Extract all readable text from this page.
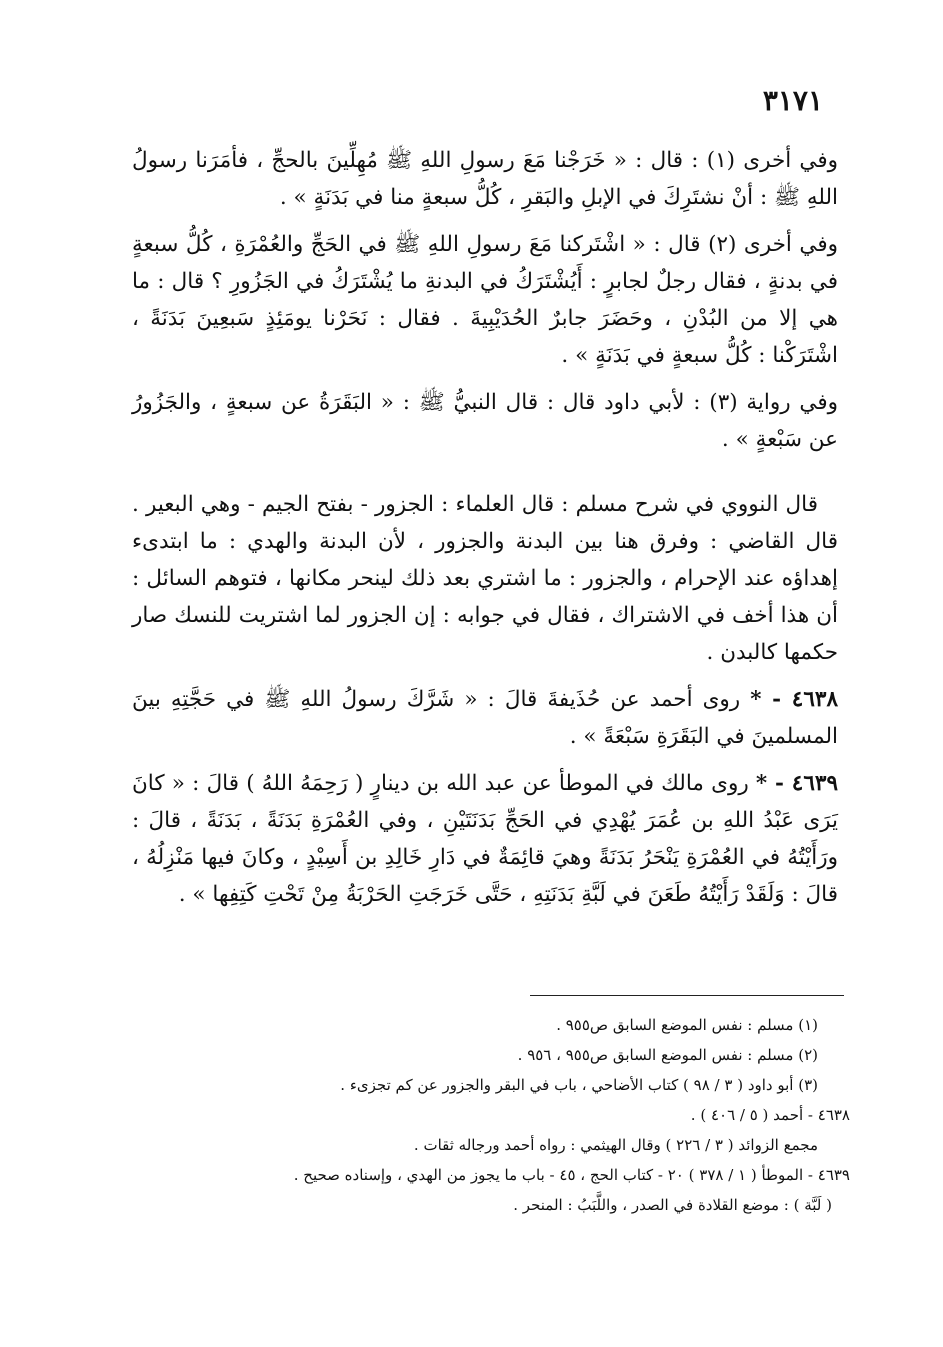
٣١٧١

وفي أخرى (١) : قال : « خَرَجْنا مَعَ رسولِ اللهِ ﷺ مُهِلِّينَ بالحجِّ ، فأمَرَنا رسولُ اللهِ ﷺ : أنْ نشتَرِكَ في الإبلِ والبَقرِ ، كُلُّ سبعةٍ منا في بَدَنَةٍ » .

وفي أخرى (٢) قال : « اشْتَركنا مَعَ رسولِ اللهِ ﷺ في الحَجِّ والعُمْرَةِ ، كُلُّ سبعةٍ في بدنةٍ ، فقال رجلٌ لجابرٍ : أَيُشْتَرَكُ في البدنةِ ما يُشْتَرَكُ في الجَزُورِ ؟ قال : ما هي إلا من البُدْنِ ، وحَضَرَ جابرٌ الحُدَيْبِيةَ . فقال : نَحَرْنا يومَئِذٍ سَبعِينَ بَدَنَةً ، اشْتَرَكْنا : كُلُّ سبعةٍ في بَدَنَةٍ » .

وفي رواية (٣) : لأبي داود قال : قال النبيُّ ﷺ : « البَقَرَةُ عن سبعةٍ ، والجَزُورُ عن سَبْعةٍ » .

قال النووي في شرح مسلم : قال العلماء : الجزور - بفتح الجيم - وهي البعير . قال القاضي : وفرق هنا بين البدنة والجزور ، لأن البدنة والهدي : ما ابتدىء إهداؤه عند الإحرام ، والجزور : ما اشتري بعد ذلك لينحر مكانها ، فتوهم السائل : أن هذا أخف في الاشتراك ، فقال في جوابه : إن الجزور لما اشتريت للنسك صار حكمها كالبدن .

٤٦٣٨ - * روى أحمد عن حُذَيفةَ قالَ : « شَرَّكَ رسولُ اللهِ ﷺ في حَجَّتِهِ بينَ المسلمينَ في البَقَرَةِ سَبْعَةً » .

٤٦٣٩ - * روى مالك في الموطأ عن عبد الله بن دينارٍ ( رَحِمَهُ اللهُ ) قالَ : « كانَ يَرَى عَبْدُ اللهِ بن عُمَرَ يُهْدِي في الحَجِّ بَدَنَتَيْنِ ، وفي العُمْرَةِ بَدَنَةً ، بَدَنَةً ، قالَ : ورَأَيْتُهُ في العُمْرَةِ يَنْحَرُ بَدَنَةً وهيَ قائِمَةٌ في دَارِ خَالِدِ بن أَسِيْدٍ ، وكانَ فيها مَنْزِلُهُ ، قالَ : وَلَقَدْ رَأَيْتُهُ طَعَنَ في لَبَّةِ بَدَنَتِهِ ، حَتَّى خَرَجَتِ الحَرْبَةُ مِنْ تَحْتِ كَتِفِها » .

(١) مسلم : نفس الموضع السابق ص٩٥٥ .

(٢) مسلم : نفس الموضع السابق ص٩٥٥ ، ٩٥٦ .

(٣) أبو داود ( ٣ / ٩٨ ) كتاب الأضاحي ، باب في البقر والجزور عن كم تجزىء .

٤٦٣٨ - أحمد ( ٥ / ٤٠٦ ) .

مجمع الزوائد ( ٣ / ٢٢٦ ) وقال الهيثمي : رواه أحمد ورجاله ثقات .

٤٦٣٩ - الموطأ ( ١ / ٣٧٨ ) ٢٠ - كتاب الحج ، ٤٥ - باب ما يجوز من الهدي ، وإسناده صحيح .

( لَبَّة ) : موضع القلادة في الصدر ، واللَّبَبُ : المنحر .
